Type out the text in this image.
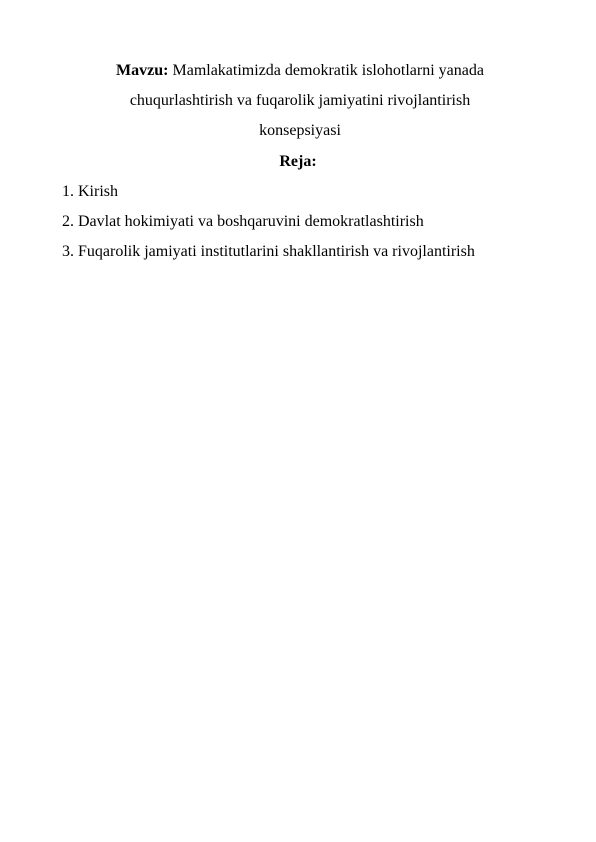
Mavzu: Mamlakatimizda demokratik islohotlarni yanada
chuqurlashtirish va fuqarolik jamiyatini rivojlantirish
konsepsiyasi
Reja:
1. Kirish
2. Davlat hokimiyati va boshqaruvini demokratlashtirish
3. Fuqarolik jamiyati institutlarini shakllantirish va rivojlantirish
